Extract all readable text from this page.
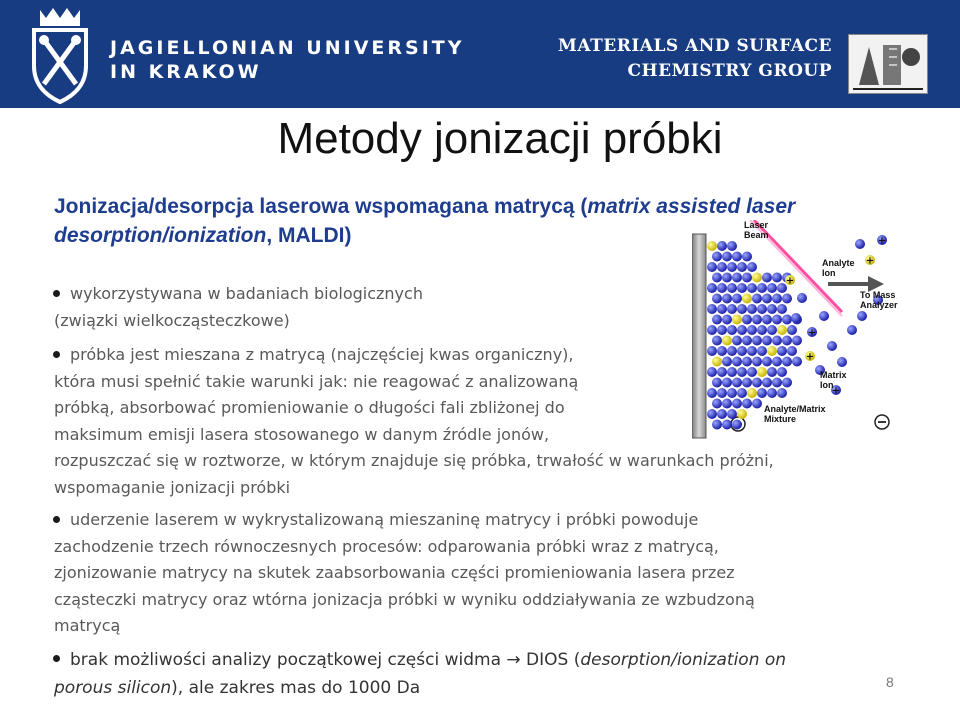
JAGIELLONIAN UNIVERSITY
IN KRAKOW
MATERIALS AND SURFACE
CHEMISTRY GROUP
Metody jonizacji próbki
Jonizacja/desorpcja laserowa wspomagana matrycą (matrix assisted laser desorption/ionization, MALDI)
wykorzystywana w badaniach biologicznych
(związki wielkocząsteczkowe)
próbka jest mieszana z matrycą (najczęściej kwas organiczny),
która musi spełnić takie warunki jak: nie reagować z analizowaną
próbką, absorbować promieniowanie o długości fali zbliżonej do
maksimum emisji lasera stosowanego w danym źródle jonów,
rozpuszczać się w roztworze, w którym znajduje się próbka, trwałość w warunkach próżni,
wspomaganie jonizacji próbki
uderzenie laserem w wykrystalizowaną mieszaninę matrycy i próbki powoduje
zachodzenie trzech równoczesnych procesów: odparowania próbki wraz z matrycą,
zjonizowanie matrycy na skutek zaabsorbowania części promieniowania lasera przez
cząsteczki matrycy oraz wtórna jonizacja próbki w wyniku oddziaływania ze wzbudzoną
matrycą
brak możliwości analizy początkowej części widma → DIOS (desorption/ionization on
porous silicon), ale zakres mas do 1000 Da	8
+
+
+
+
+
+
Laser Beam
Analyte Ion
To Mass Analyzer
Matrix Ion
Analyte/Matrix Mixture
